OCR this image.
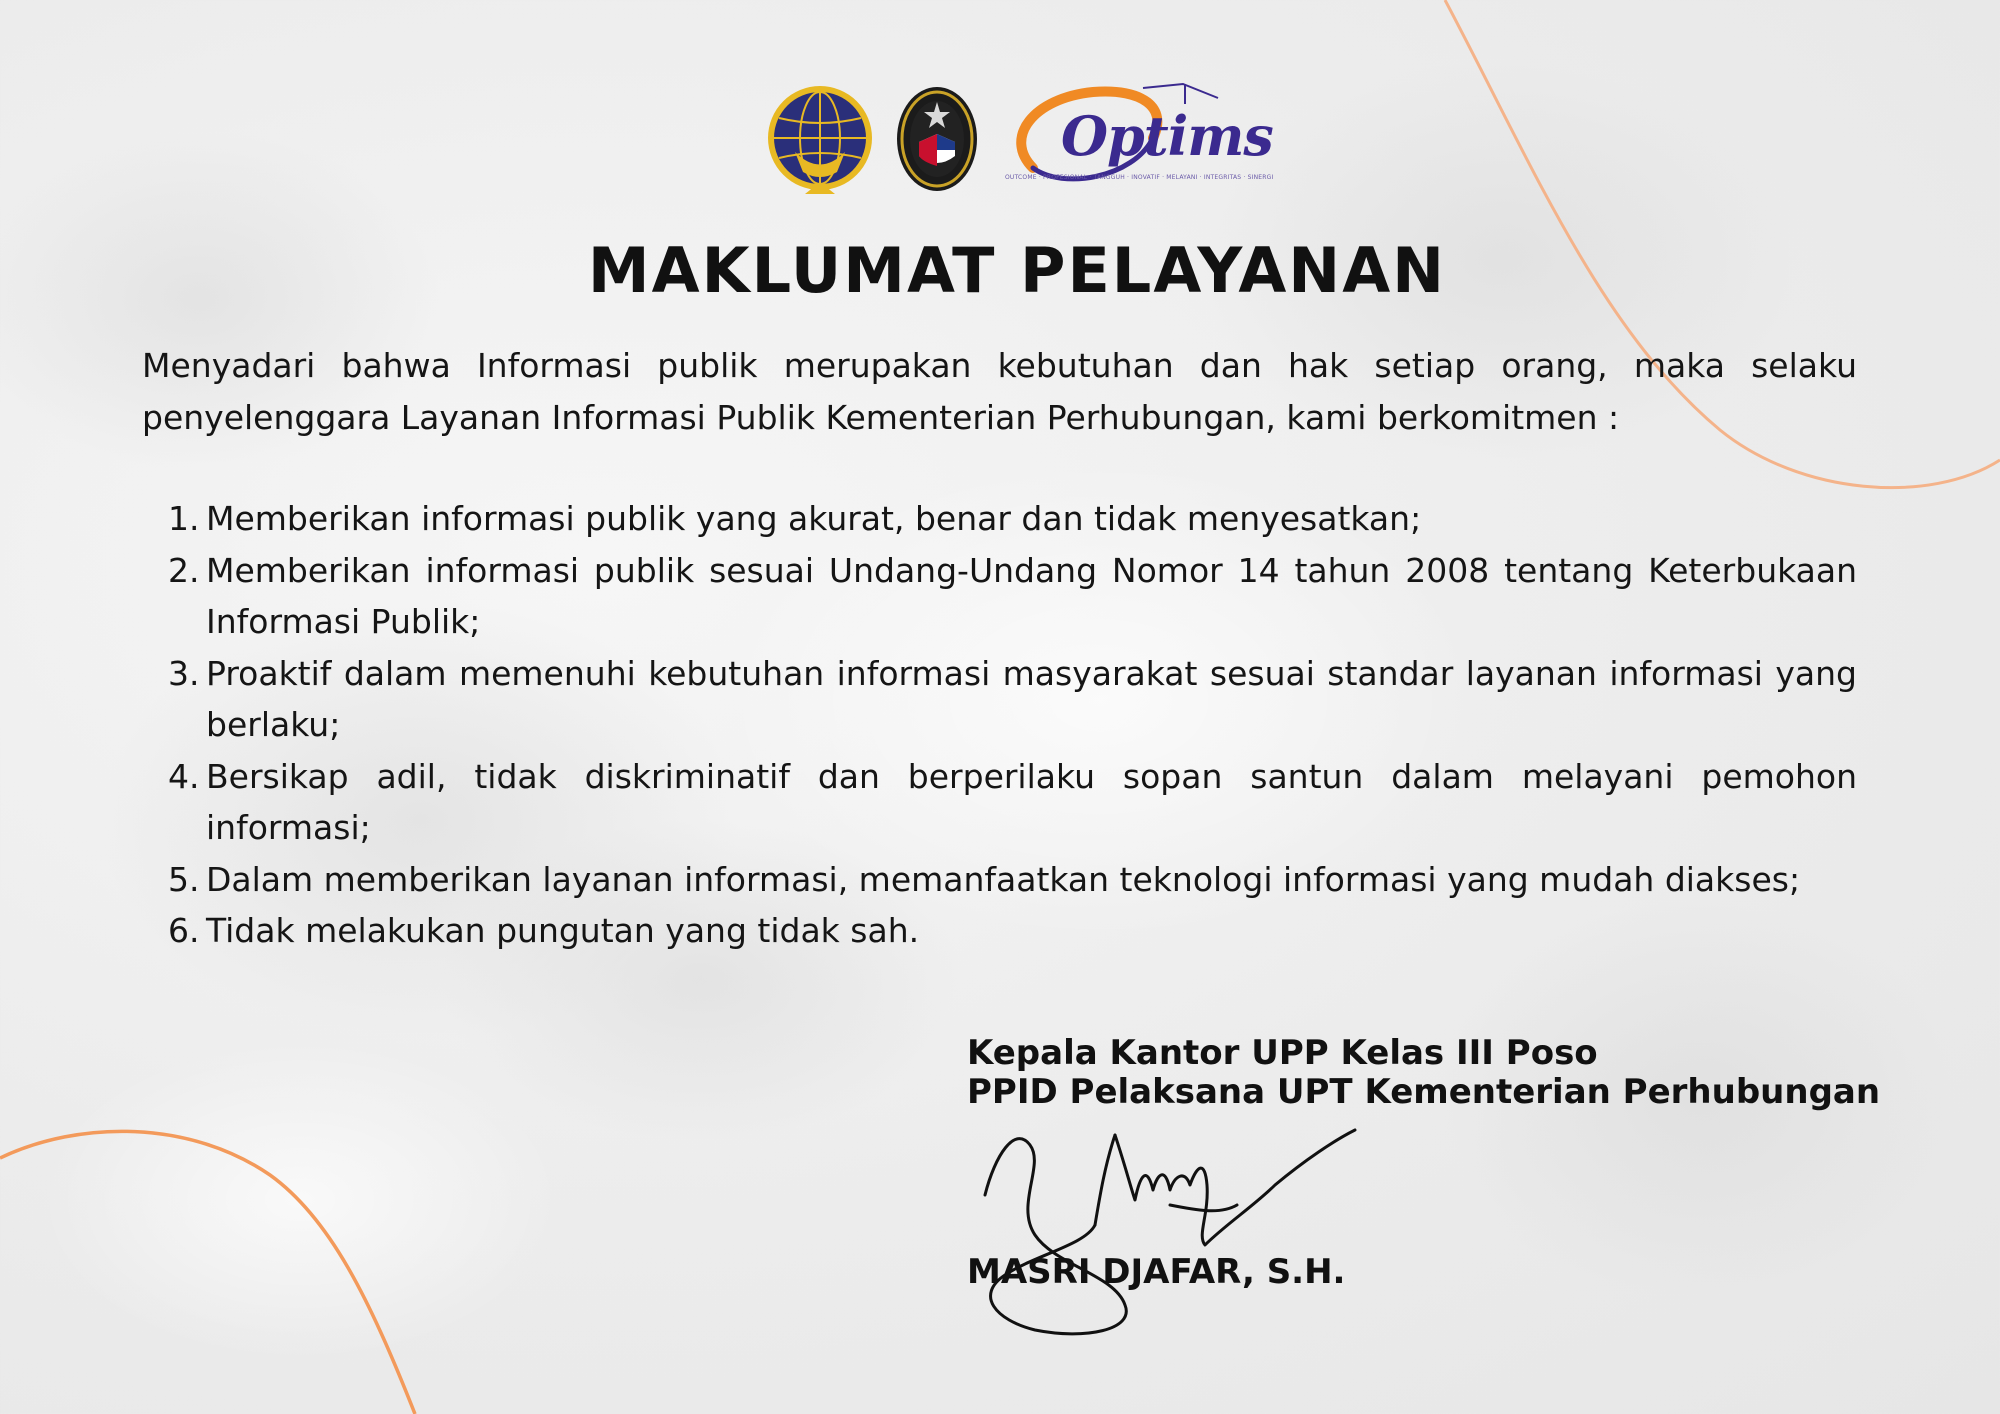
Optims
OUTCOME · PROFESIONAL · TANGGUH · INOVATIF · MELAYANI · INTEGRITAS · SINERGI
MAKLUMAT PELAYANAN

Menyadari bahwa Informasi publik merupakan kebutuhan dan hak setiap orang, maka selaku penyelenggara Layanan Informasi Publik Kementerian Perhubungan, kami berkomitmen :

1. Memberikan informasi publik yang akurat, benar dan tidak menyesatkan;
2. Memberikan informasi publik sesuai Undang-Undang Nomor 14 tahun 2008 tentang Keterbukaan Informasi Publik;
3. Proaktif dalam memenuhi kebutuhan informasi masyarakat sesuai standar layanan informasi yang berlaku;
4. Bersikap adil, tidak diskriminatif dan berperilaku sopan santun dalam melayani pemohon informasi;
5. Dalam memberikan layanan informasi, memanfaatkan teknologi informasi yang mudah diakses;
6. Tidak melakukan pungutan yang tidak sah.
Kepala Kantor UPP Kelas III Poso
PPID Pelaksana UPT Kementerian Perhubungan
MASRI DJAFAR, S.H.
